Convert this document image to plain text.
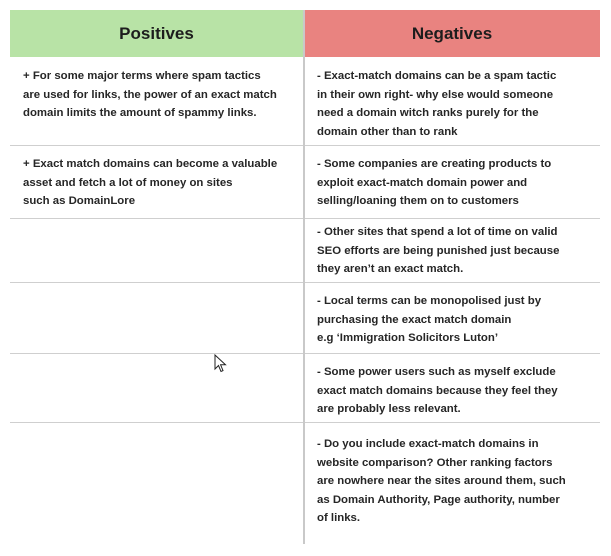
Positives	Negatives
+ For some major terms where spam tactics
are used for links, the power of an exact match
domain limits the amount of spammy links.
+ Exact match domains can become a valuable
asset and fetch a lot of money on sites
such as DomainLore
- Exact-match domains can be a spam tactic
in their own right- why else would someone
need a domain witch ranks purely for the
domain other than to rank
- Some companies are creating products to
exploit exact-match domain power and
selling/loaning them on to customers
- Other sites that spend a lot of time on valid
SEO efforts are being punished just because
they aren’t an exact match.
- Local terms can be monopolised just by
purchasing the exact match domain
e.g ‘Immigration Solicitors Luton’
- Some power users such as myself exclude
exact match domains because they feel they
are probably less relevant.
- Do you include exact-match domains in
website comparison? Other ranking factors
are nowhere near the sites around them, such
as Domain Authority, Page authority, number
of links.
